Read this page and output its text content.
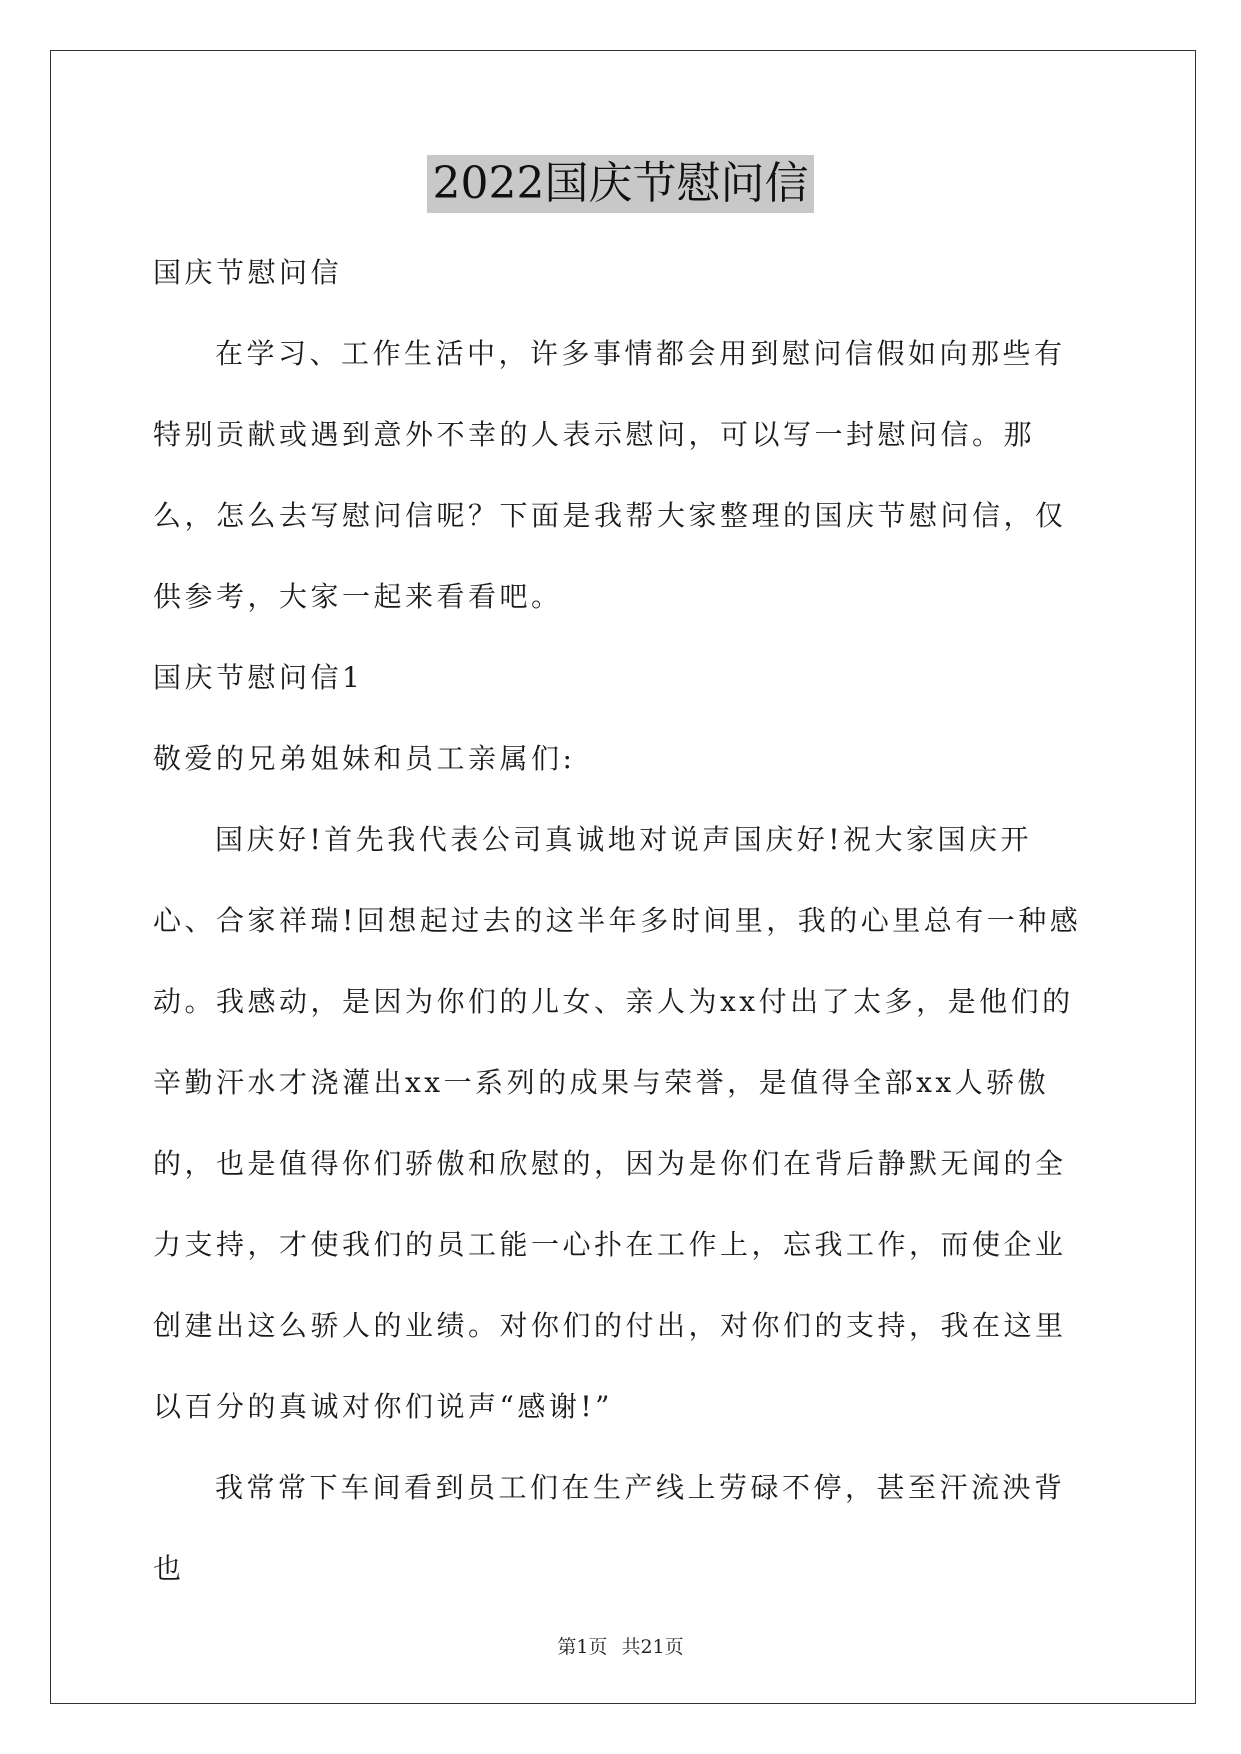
2022国庆节慰问信

国庆节慰问信

在学习、工作生活中，许多事情都会用到慰问信假如向那些有特别贡献或遇到意外不幸的人表示慰问，可以写一封慰问信。那么，怎么去写慰问信呢？下面是我帮大家整理的国庆节慰问信，仅供参考，大家一起来看看吧。

国庆节慰问信1

敬爱的兄弟姐妹和员工亲属们:

国庆好!首先我代表公司真诚地对说声国庆好!祝大家国庆开心、合家祥瑞!回想起过去的这半年多时间里，我的心里总有一种感动。我感动，是因为你们的儿女、亲人为xx付出了太多，是他们的辛勤汗水才浇灌出xx一系列的成果与荣誉，是值得全部xx人骄傲的，也是值得你们骄傲和欣慰的，因为是你们在背后静默无闻的全力支持，才使我们的员工能一心扑在工作上，忘我工作，而使企业创建出这么骄人的业绩。对你们的付出，对你们的支持，我在这里以百分的真诚对你们说声“感谢!”

我常常下车间看到员工们在生产线上劳碌不停，甚至汗流泱背也

第1页 共21页
